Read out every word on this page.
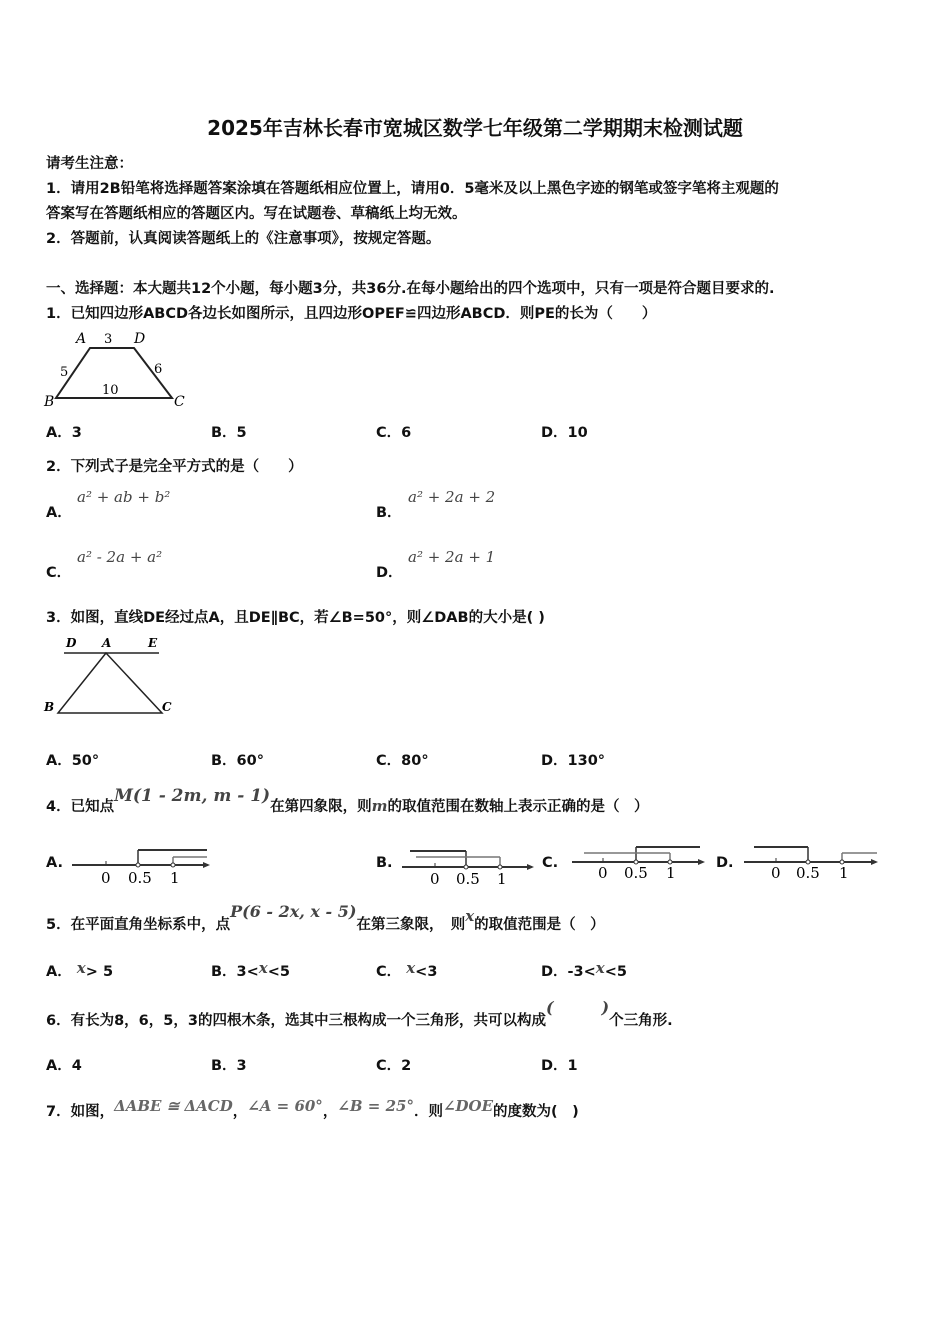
2025年吉林长春市宽城区数学七年级第二学期期末检测试题
请考生注意：
1．请用2B铅笔将选择题答案涂填在答题纸相应位置上，请用0．5毫米及以上黑色字迹的钢笔或签字笔将主观题的
答案写在答题纸相应的答题区内。写在试题卷、草稿纸上均无效。
2．答题前，认真阅读答题纸上的《注意事项》，按规定答题。
一、选择题：本大题共12个小题，每小题3分，共36分.在每小题给出的四个选项中，只有一项是符合题目要求的.
1．已知四边形ABCD各边长如图所示，且四边形OPEF≌四边形ABCD．则PE的长为（　　）
A 3 D
5	6
10
B	C
A．3	B．5	C．6	D．10
2．下列式子是完全平方式的是（　　）
A．
a² + ab + b²
B．
a² + 2a + 2
C．
a² - 2a + a²
D．
a² + 2a + 1
3．如图，直线DE经过点A，且DE∥BC，若∠B=50°，则∠DAB的大小是( )
D A	E
B	C
A．50°	B．60°	C．80°	D．130°
4．已知点M(1 - 2m, m - 1)在第四象限，则m的取值范围在数轴上表示正确的是（　）
A.	B.	C.	D.
0 0.5 1	0 0.5 1	0 0.5 1	0 0.5 1
5．在平面直角坐标系中，点P(6 - 2x, x - 5)在第三象限，　则x的取值范围是（　）
A． x> 5	B．3<x<5	C． x<3	D．-3<x<5
6．有长为8，6，5，3的四根木条，选其中三根构成一个三角形，共可以构成(　　　)个三角形.
A．4	B．3	C．2	D．1
7．如图，ΔABE ≅ ΔACD，∠A = 60°，∠B = 25°．则∠DOE的度数为(　)
